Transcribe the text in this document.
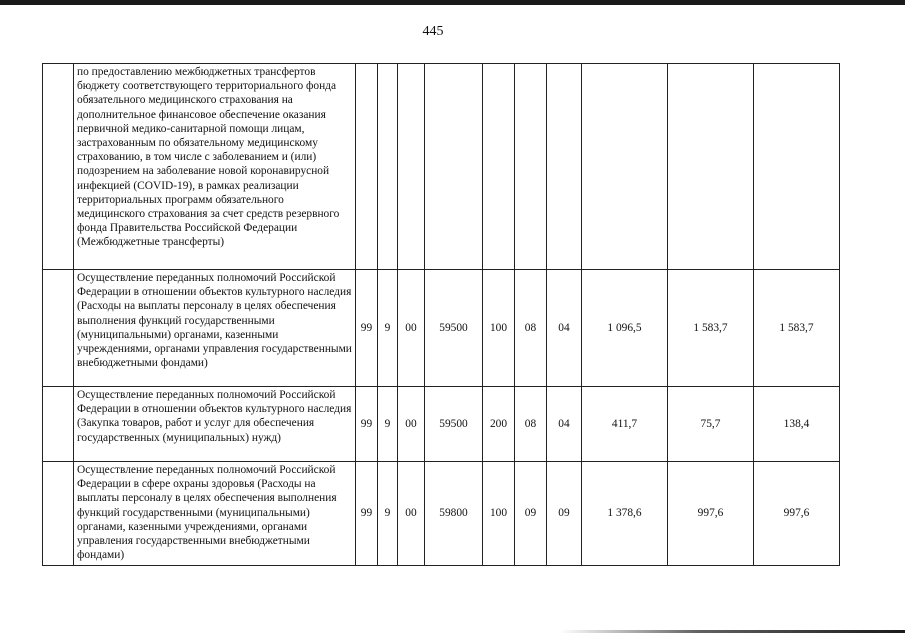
445
	по предоставлению межбюджетных трансфертов бюджету соответствующего территориального фонда обязательного медицинского страхования на дополнительное финансовое обеспечение оказания первичной медико-санитарной помощи лицам, застрахованным по обязательному медицинскому страхованию, в том числе с заболеванием и (или) подозрением на заболевание новой коронавирусной инфекцией (COVID-19), в рамках реализации территориальных программ обязательного медицинского страхования за счет средств резервного фонда Правительства Российской Федерации (Межбюджетные трансферты)										
	Осуществление переданных полномочий Российской Федерации в отношении объектов культурного наследия (Расходы на выплаты персоналу в целях обеспечения выполнения функций государственными (муниципальными) органами, казенными учреждениями, органами управления государственными внебюджетными фондами)	99	9	00	59500	100	08	04	1 096,5	1 583,7	1 583,7
	Осуществление переданных полномочий Российской Федерации в отношении объектов культурного наследия (Закупка товаров, работ и услуг для обеспечения государственных (муниципальных) нужд)	99	9	00	59500	200	08	04	411,7	75,7	138,4
	Осуществление переданных полномочий Российской Федерации в сфере охраны здоровья (Расходы на выплаты персоналу в целях обеспечения выполнения функций государственными (муниципальными) органами, казенными учреждениями, органами управления государственными внебюджетными фондами)	99	9	00	59800	100	09	09	1 378,6	997,6	997,6
